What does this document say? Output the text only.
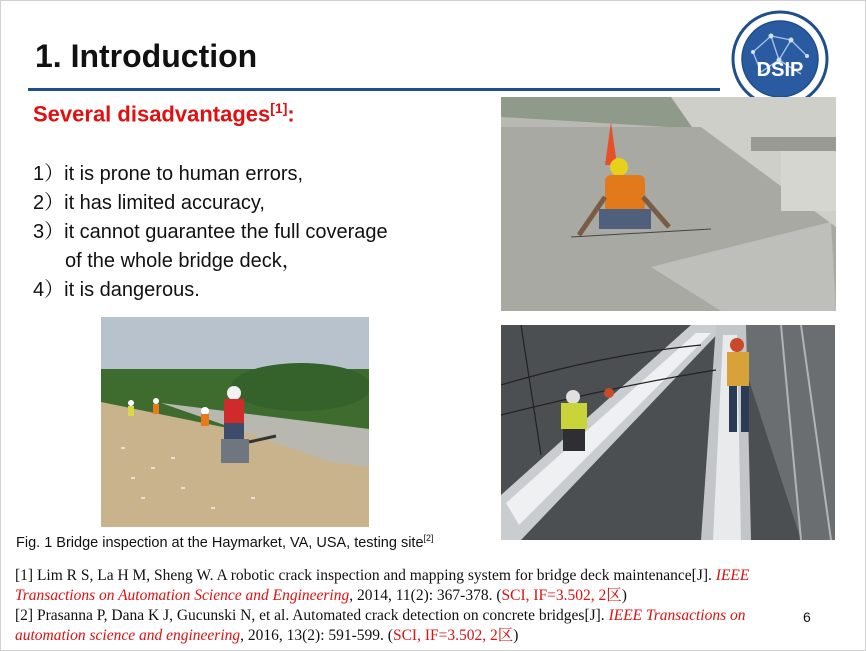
1. Introduction	DSIP
Several disadvantages[1]:
1）it is prone to human errors,
2）it has limited accuracy,
3）it cannot guarantee the full coverage
of the whole bridge deck，
4）it is dangerous.
Fig. 1 Bridge inspection at the Haymarket, VA, USA, testing site[2]
[1] Lim R S, La H M, Sheng W. A robotic crack inspection and mapping system for bridge deck maintenance[J]. IEEE Transactions on Automation Science and Engineering, 2014, 11(2): 367-378. (SCI, IF=3.502, 2区)
[2] Prasanna P, Dana K J, Gucunski N, et al. Automated crack detection on concrete bridges[J]. IEEE Transactions on automation science and engineering, 2016, 13(2): 591-599. (SCI, IF=3.502, 2区)
6
